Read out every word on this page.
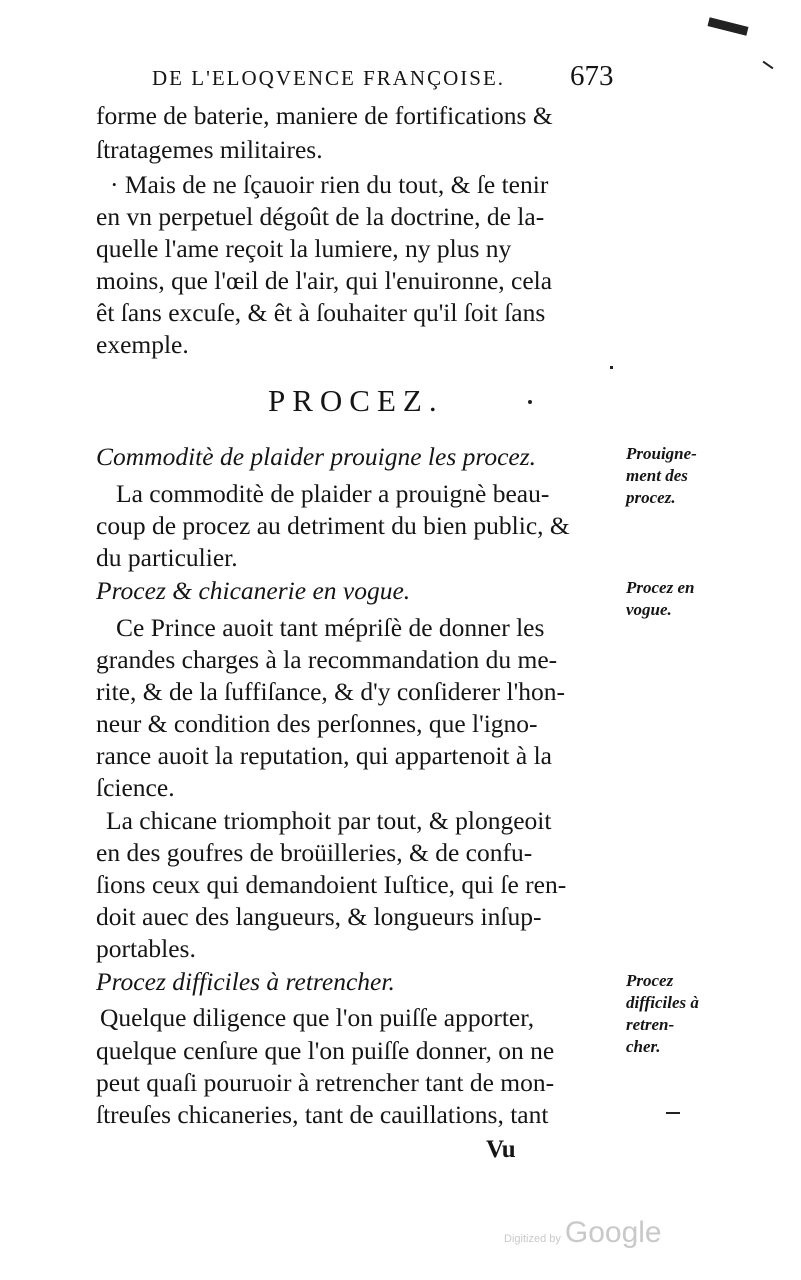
DE L'ELOQVENCE FRANÇOISE. 673
forme de baterie, maniere de fortifications &
ſtratagemes militaires.
· Mais de ne ſçauoir rien du tout, & ſe tenir
en vn perpetuel dégoût de la doctrine, de la-
quelle l'ame reçoit la lumiere, ny plus ny
moins, que l'œil de l'air, qui l'enuironne, cela
êt ſans excuſe, & êt à ſouhaiter qu'il ſoit ſans
exemple.
PROCEZ.
Commoditè de plaider prouigne les procez.
La commoditè de plaider a prouignè beau-
coup de procez au detriment du bien public, &
du particulier.
Procez & chicanerie en vogue.
Ce Prince auoit tant mépriſè de donner les
grandes charges à la recommandation du me-
rite, & de la ſuffiſance, & d'y conſiderer l'hon-
neur & condition des perſonnes, que l'igno-
rance auoit la reputation, qui appartenoit à la
ſcience.
La chicane triomphoit par tout, & plongeoit
en des goufres de broüilleries, & de confu-
ſions ceux qui demandoient Iuſtice, qui ſe ren-
doit auec des langueurs, & longueurs inſup-
portables.
Procez difficiles à retrencher.
Quelque diligence que l'on puiſſe apporter,
quelque cenſure que l'on puiſſe donner, on ne
peut quaſi pouruoir à retrencher tant de mon-
ſtreuſes chicaneries, tant de cauillations, tant
Prouigne-
ment des
procez.
Procez en
vogue.
Procez
difficiles à
retren-
cher.
Vu
Digitized by Google
